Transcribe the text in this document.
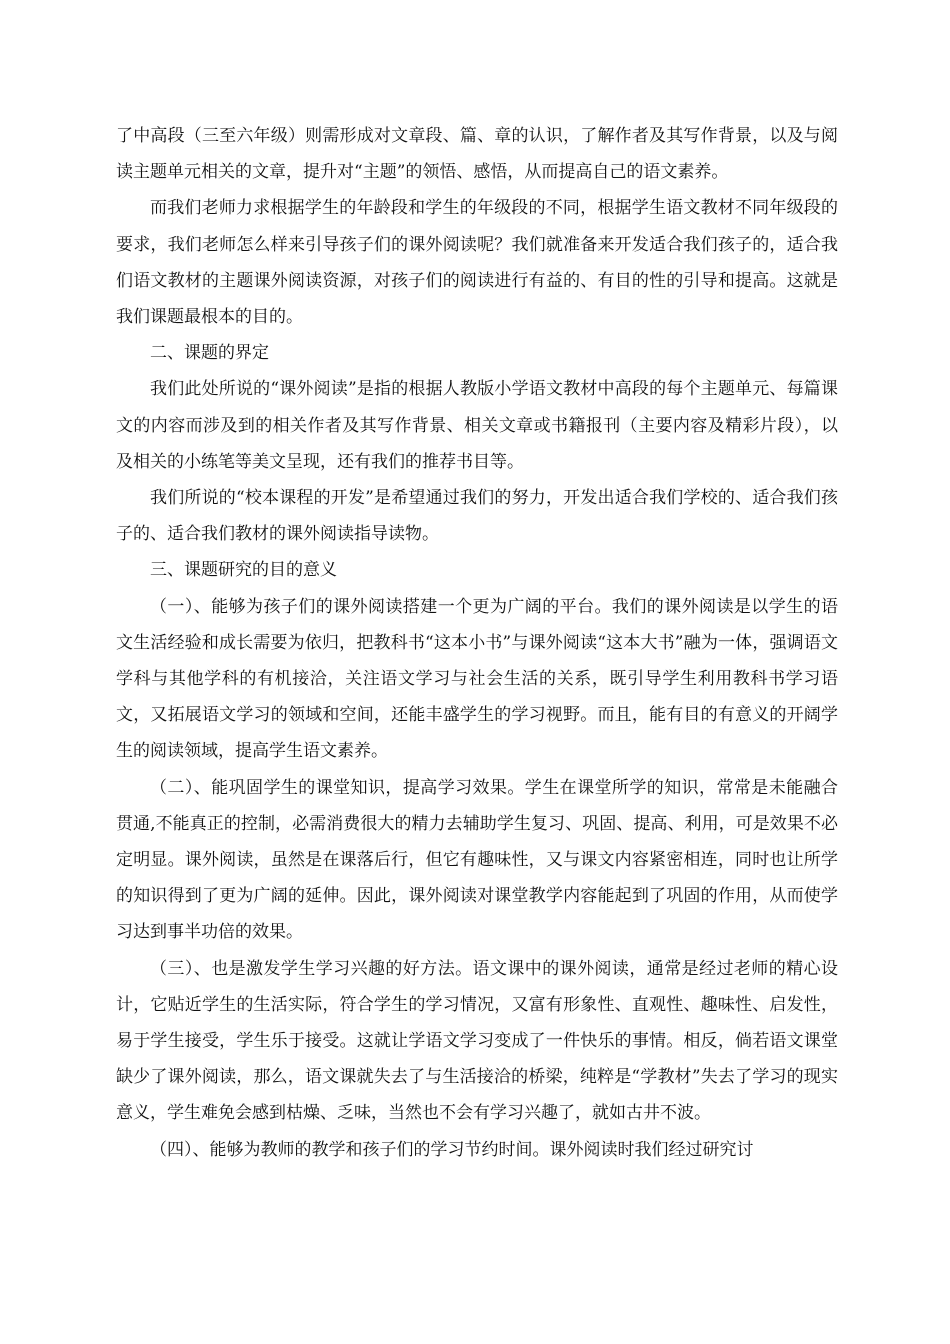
了中高段（三至六年级）则需形成对文章段、篇、章的认识，了解作者及其写作背景，以及与阅读主题单元相关的文章，提升对“主题”的领悟、感悟，从而提高自己的语文素养。

而我们老师力求根据学生的年龄段和学生的年级段的不同，根据学生语文教材不同年级段的要求，我们老师怎么样来引导孩子们的课外阅读呢？我们就准备来开发适合我们孩子的，适合我们语文教材的主题课外阅读资源，对孩子们的阅读进行有益的、有目的性的引导和提高。这就是我们课题最根本的目的。

二、课题的界定

我们此处所说的“课外阅读”是指的根据人教版小学语文教材中高段的每个主题单元、每篇课文的内容而涉及到的相关作者及其写作背景、相关文章或书籍报刊（主要内容及精彩片段），以及相关的小练笔等美文呈现，还有我们的推荐书目等。

我们所说的“校本课程的开发”是希望通过我们的努力，开发出适合我们学校的、适合我们孩子的、适合我们教材的课外阅读指导读物。

三、课题研究的目的意义

（一）、能够为孩子们的课外阅读搭建一个更为广阔的平台。我们的课外阅读是以学生的语文生活经验和成长需要为依归，把教科书“这本小书”与课外阅读“这本大书”融为一体，强调语文学科与其他学科的有机接洽，关注语文学习与社会生活的关系，既引导学生利用教科书学习语文，又拓展语文学习的领域和空间，还能丰盛学生的学习视野。而且，能有目的有意义的开阔学生的阅读领域，提高学生语文素养。

（二）、能巩固学生的课堂知识，提高学习效果。学生在课堂所学的知识，常常是未能融合贯通,不能真正的控制，必需消费很大的精力去辅助学生复习、巩固、提高、利用，可是效果不必定明显。课外阅读，虽然是在课落后行，但它有趣味性，又与课文内容紧密相连，同时也让所学的知识得到了更为广阔的延伸。因此，课外阅读对课堂教学内容能起到了巩固的作用，从而使学习达到事半功倍的效果。

（三）、也是激发学生学习兴趣的好方法。语文课中的课外阅读，通常是经过老师的精心设计，它贴近学生的生活实际，符合学生的学习情况，又富有形象性、直观性、趣味性、启发性，易于学生接受，学生乐于接受。这就让学语文学习变成了一件快乐的事情。相反，倘若语文课堂缺少了课外阅读，那么，语文课就失去了与生活接洽的桥梁，纯粹是“学教材”失去了学习的现实意义，学生难免会感到枯燥、乏味，当然也不会有学习兴趣了，就如古井不波。

（四）、能够为教师的教学和孩子们的学习节约时间。课外阅读时我们经过研究讨
